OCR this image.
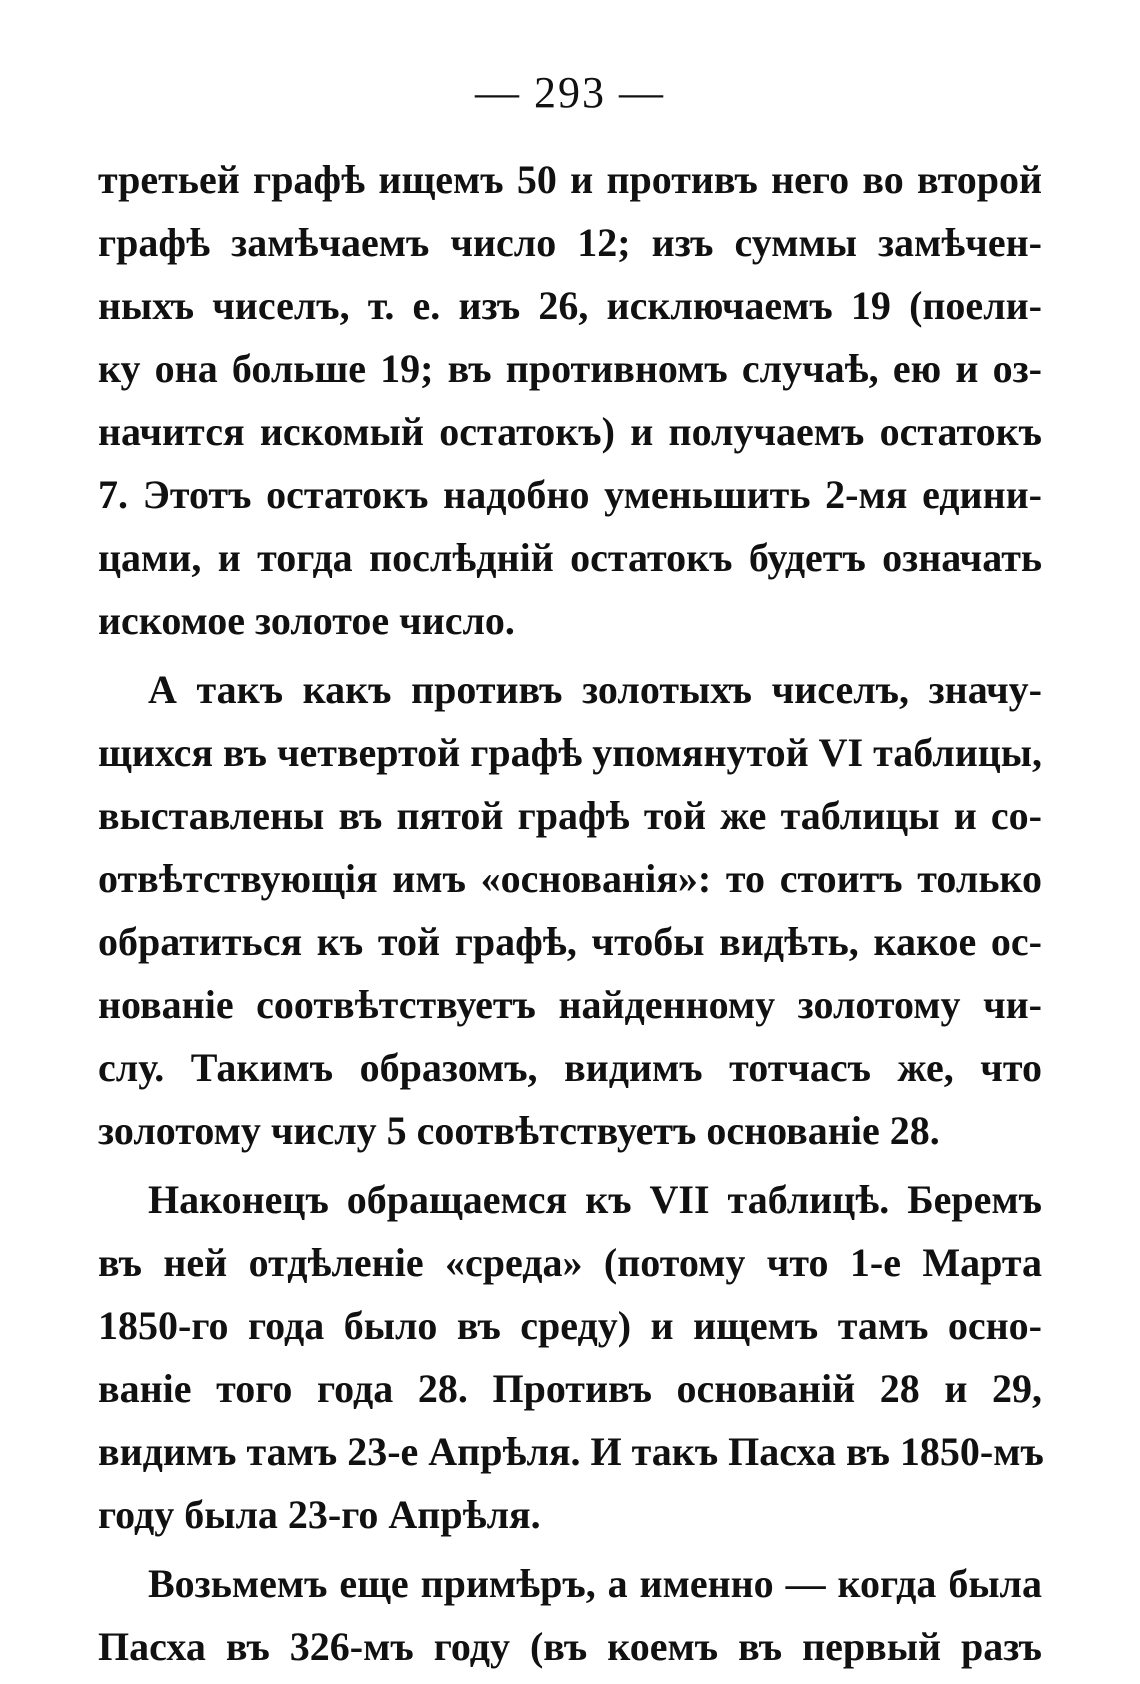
— 293 —
третьей графѣ ищемъ 50 и противъ него во второй
графѣ замѣчаемъ число 12; изъ суммы замѣчен-
ныхъ чиселъ, т. е. изъ 26, исключаемъ 19 (поели-
ку она больше 19; въ противномъ случаѣ, ею и оз-
начится искомый остатокъ) и получаемъ остатокъ
7. Этотъ остатокъ надобно уменьшить 2-мя едини-
цами, и тогда послѣдній остатокъ будетъ означать
искомое золотое число.
А такъ какъ противъ золотыхъ чиселъ, значу-
щихся въ четвертой графѣ упомянутой VI таблицы,
выставлены въ пятой графѣ той же таблицы и со-
отвѣтствующія имъ «основанія»: то стоитъ только
обратиться къ той графѣ, чтобы видѣть, какое ос-
нованіе соотвѣтствуетъ найденному золотому чи-
слу. Такимъ образомъ, видимъ тотчасъ же, что
золотому числу 5 соотвѣтствуетъ основаніе 28.
Наконецъ обращаемся къ VII таблицѣ. Беремъ
въ ней отдѣленіе «среда» (потому что 1-е Марта
1850-го года было въ среду) и ищемъ тамъ осно-
ваніе того года 28. Противъ основаній 28 и 29,
видимъ тамъ 23-е Апрѣля. И такъ Пасха въ 1850-мъ
году была 23-го Апрѣля.
Возьмемъ еще примѣръ, а именно — когда была
Пасха въ 326-мъ году (въ коемъ въ первый разъ
